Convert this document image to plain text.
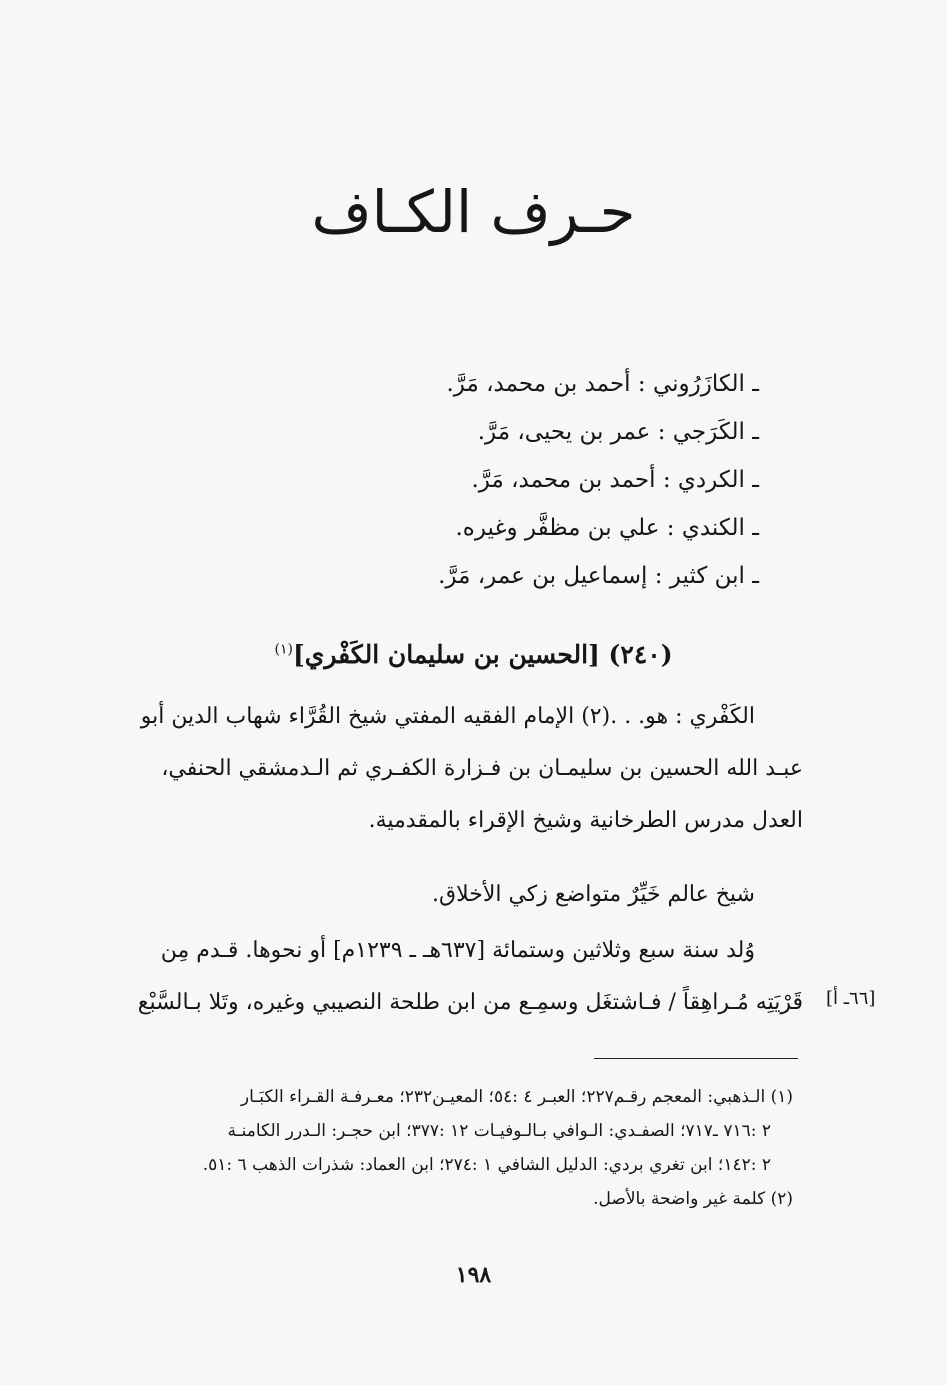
حـرف الكـاف
ـ الكازَرُوني : أحمد بن محمد، مَرَّ.
ـ الكَرَجي : عمر بن يحيى، مَرَّ.
ـ الكردي : أحمد بن محمد، مَرَّ.
ـ الكندي : علي بن مظفَّر وغيره.
ـ ابن كثير : إسماعيل بن عمر، مَرَّ.
(٢٤٠) [الحسين بن سليمان الكَفْري]$^{(١)}$
الكَفْري : هو. . .(٢) الإمام الفقيه المفتي شيخ القُرَّاء شهاب الدين أبو
عبـد الله الحسين بن سليمـان بن فـزارة الكفـري ثم الـدمشقي الحنفي،
العدل مدرس الطرخانية وشيخ الإقراء بالمقدمية.
شيخ عالم خَيِّرٌ متواضع زكي الأخلاق.
وُلد سنة سبع وثلاثين وستمائة [٦٣٧هـ ـ ١٢٣٩م] أو نحوها. قـدم مِن
قَرْيَتِه مُـراهِقاً / فـاشتغَل وسمِـع من ابن طلحة النصيبي وغيره، وتَلا بـالسَّبْع [٦٦ـ أ]
(١) الـذهبي: المعجم رقـم٢٢٧؛ العبـر ٤ :٥٤؛ المعيـن٢٣٢؛ معـرفـة القـراء الكبَـار
٢ :٧١٦ ـ٧١٧؛ الصفـدي: الـوافي بـالـوفيـات ١٢ :٣٧٧؛ ابن حجـر: الـدرر الكامنـة
٢ :١٤٢؛ ابن تغري بردي: الدليل الشافي ١ :٢٧٤؛ ابن العماد: شذرات الذهب ٦ :٥١.
(٢) كلمة غير واضحة بالأصل.
١٩٨
